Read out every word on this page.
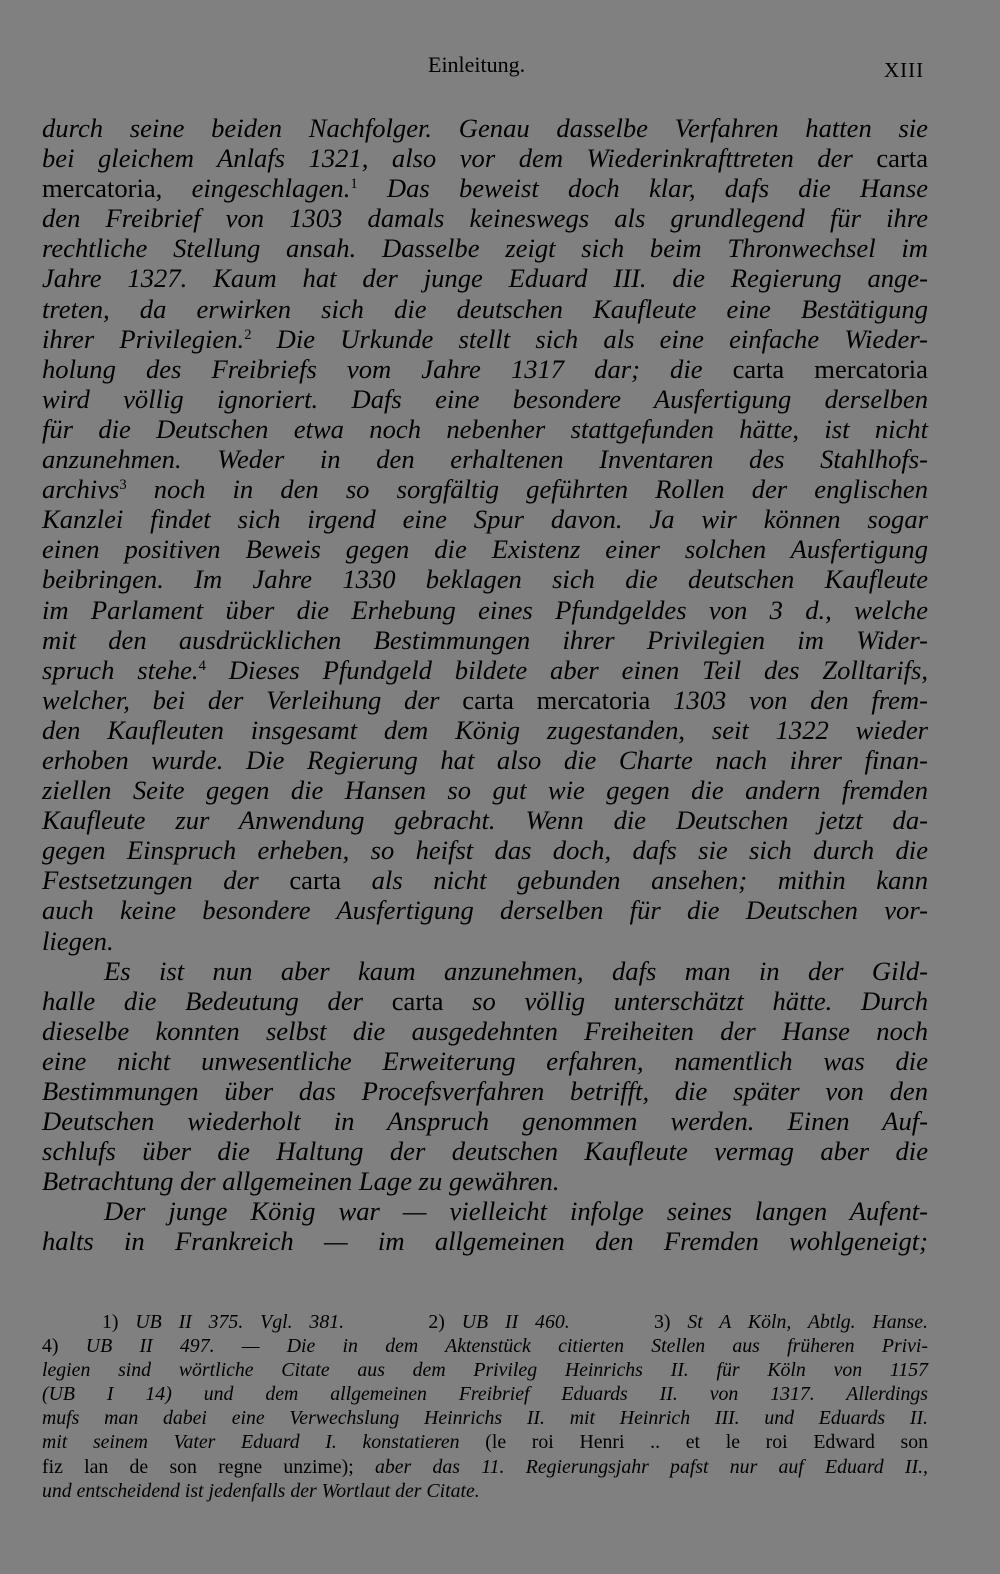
Einleitung.	XIII
durch seine beiden Nachfolger. Genau dasselbe Verfahren hatten sie
bei gleichem Anlafs 1321, also vor dem Wiederinkrafttreten der carta
mercatoria, eingeschlagen.$^1$ Das beweist doch klar, dafs die Hanse
den Freibrief von 1303 damals keineswegs als grundlegend für ihre
rechtliche Stellung ansah. Dasselbe zeigt sich beim Thronwechsel im
Jahre 1327. Kaum hat der junge Eduard III. die Regierung ange-
treten, da erwirken sich die deutschen Kaufleute eine Bestätigung
ihrer Privilegien.$^2$ Die Urkunde stellt sich als eine einfache Wieder-
holung des Freibriefs vom Jahre 1317 dar; die carta mercatoria
wird völlig ignoriert. Dafs eine besondere Ausfertigung derselben
für die Deutschen etwa noch nebenher stattgefunden hätte, ist nicht
anzunehmen. Weder in den erhaltenen Inventaren des Stahlhofs-
archivs$^3$ noch in den so sorgfältig geführten Rollen der englischen
Kanzlei findet sich irgend eine Spur davon. Ja wir können sogar
einen positiven Beweis gegen die Existenz einer solchen Ausfertigung
beibringen. Im Jahre 1330 beklagen sich die deutschen Kaufleute
im Parlament über die Erhebung eines Pfundgeldes von 3 d., welche
mit den ausdrücklichen Bestimmungen ihrer Privilegien im Wider-
spruch stehe.$^4$ Dieses Pfundgeld bildete aber einen Teil des Zolltarifs,
welcher, bei der Verleihung der carta mercatoria 1303 von den frem-
den Kaufleuten insgesamt dem König zugestanden, seit 1322 wieder
erhoben wurde. Die Regierung hat also die Charte nach ihrer finan-
ziellen Seite gegen die Hansen so gut wie gegen die andern fremden
Kaufleute zur Anwendung gebracht. Wenn die Deutschen jetzt da-
gegen Einspruch erheben, so heifst das doch, dafs sie sich durch die
Festsetzungen der carta als nicht gebunden ansehen; mithin kann
auch keine besondere Ausfertigung derselben für die Deutschen vor-
liegen.
Es ist nun aber kaum anzunehmen, dafs man in der Gild-
halle die Bedeutung der carta so völlig unterschätzt hätte. Durch
dieselbe konnten selbst die ausgedehnten Freiheiten der Hanse noch
eine nicht unwesentliche Erweiterung erfahren, namentlich was die
Bestimmungen über das Procefsverfahren betrifft, die später von den
Deutschen wiederholt in Anspruch genommen werden. Einen Auf-
schlufs über die Haltung der deutschen Kaufleute vermag aber die
Betrachtung der allgemeinen Lage zu gewähren.
Der junge König war — vielleicht infolge seines langen Aufent-
halts in Frankreich — im allgemeinen den Fremden wohlgeneigt;
1) UB II 375. Vgl. 381.     2) UB II 460.     3) St A Köln, Abtlg. Hanse.
4) UB II 497. — Die in dem Aktenstück citierten Stellen aus früheren Privi-
legien sind wörtliche Citate aus dem Privileg Heinrichs II. für Köln von 1157
(UB I 14) und dem allgemeinen Freibrief Eduards II. von 1317. Allerdings
mufs man dabei eine Verwechslung Heinrichs II. mit Heinrich III. und Eduards II.
mit seinem Vater Eduard I. konstatieren (le roi Henri .. et le roi Edward son
fiz lan de son regne unzime); aber das 11. Regierungsjahr pafst nur auf Eduard II.,
und entscheidend ist jedenfalls der Wortlaut der Citate.
